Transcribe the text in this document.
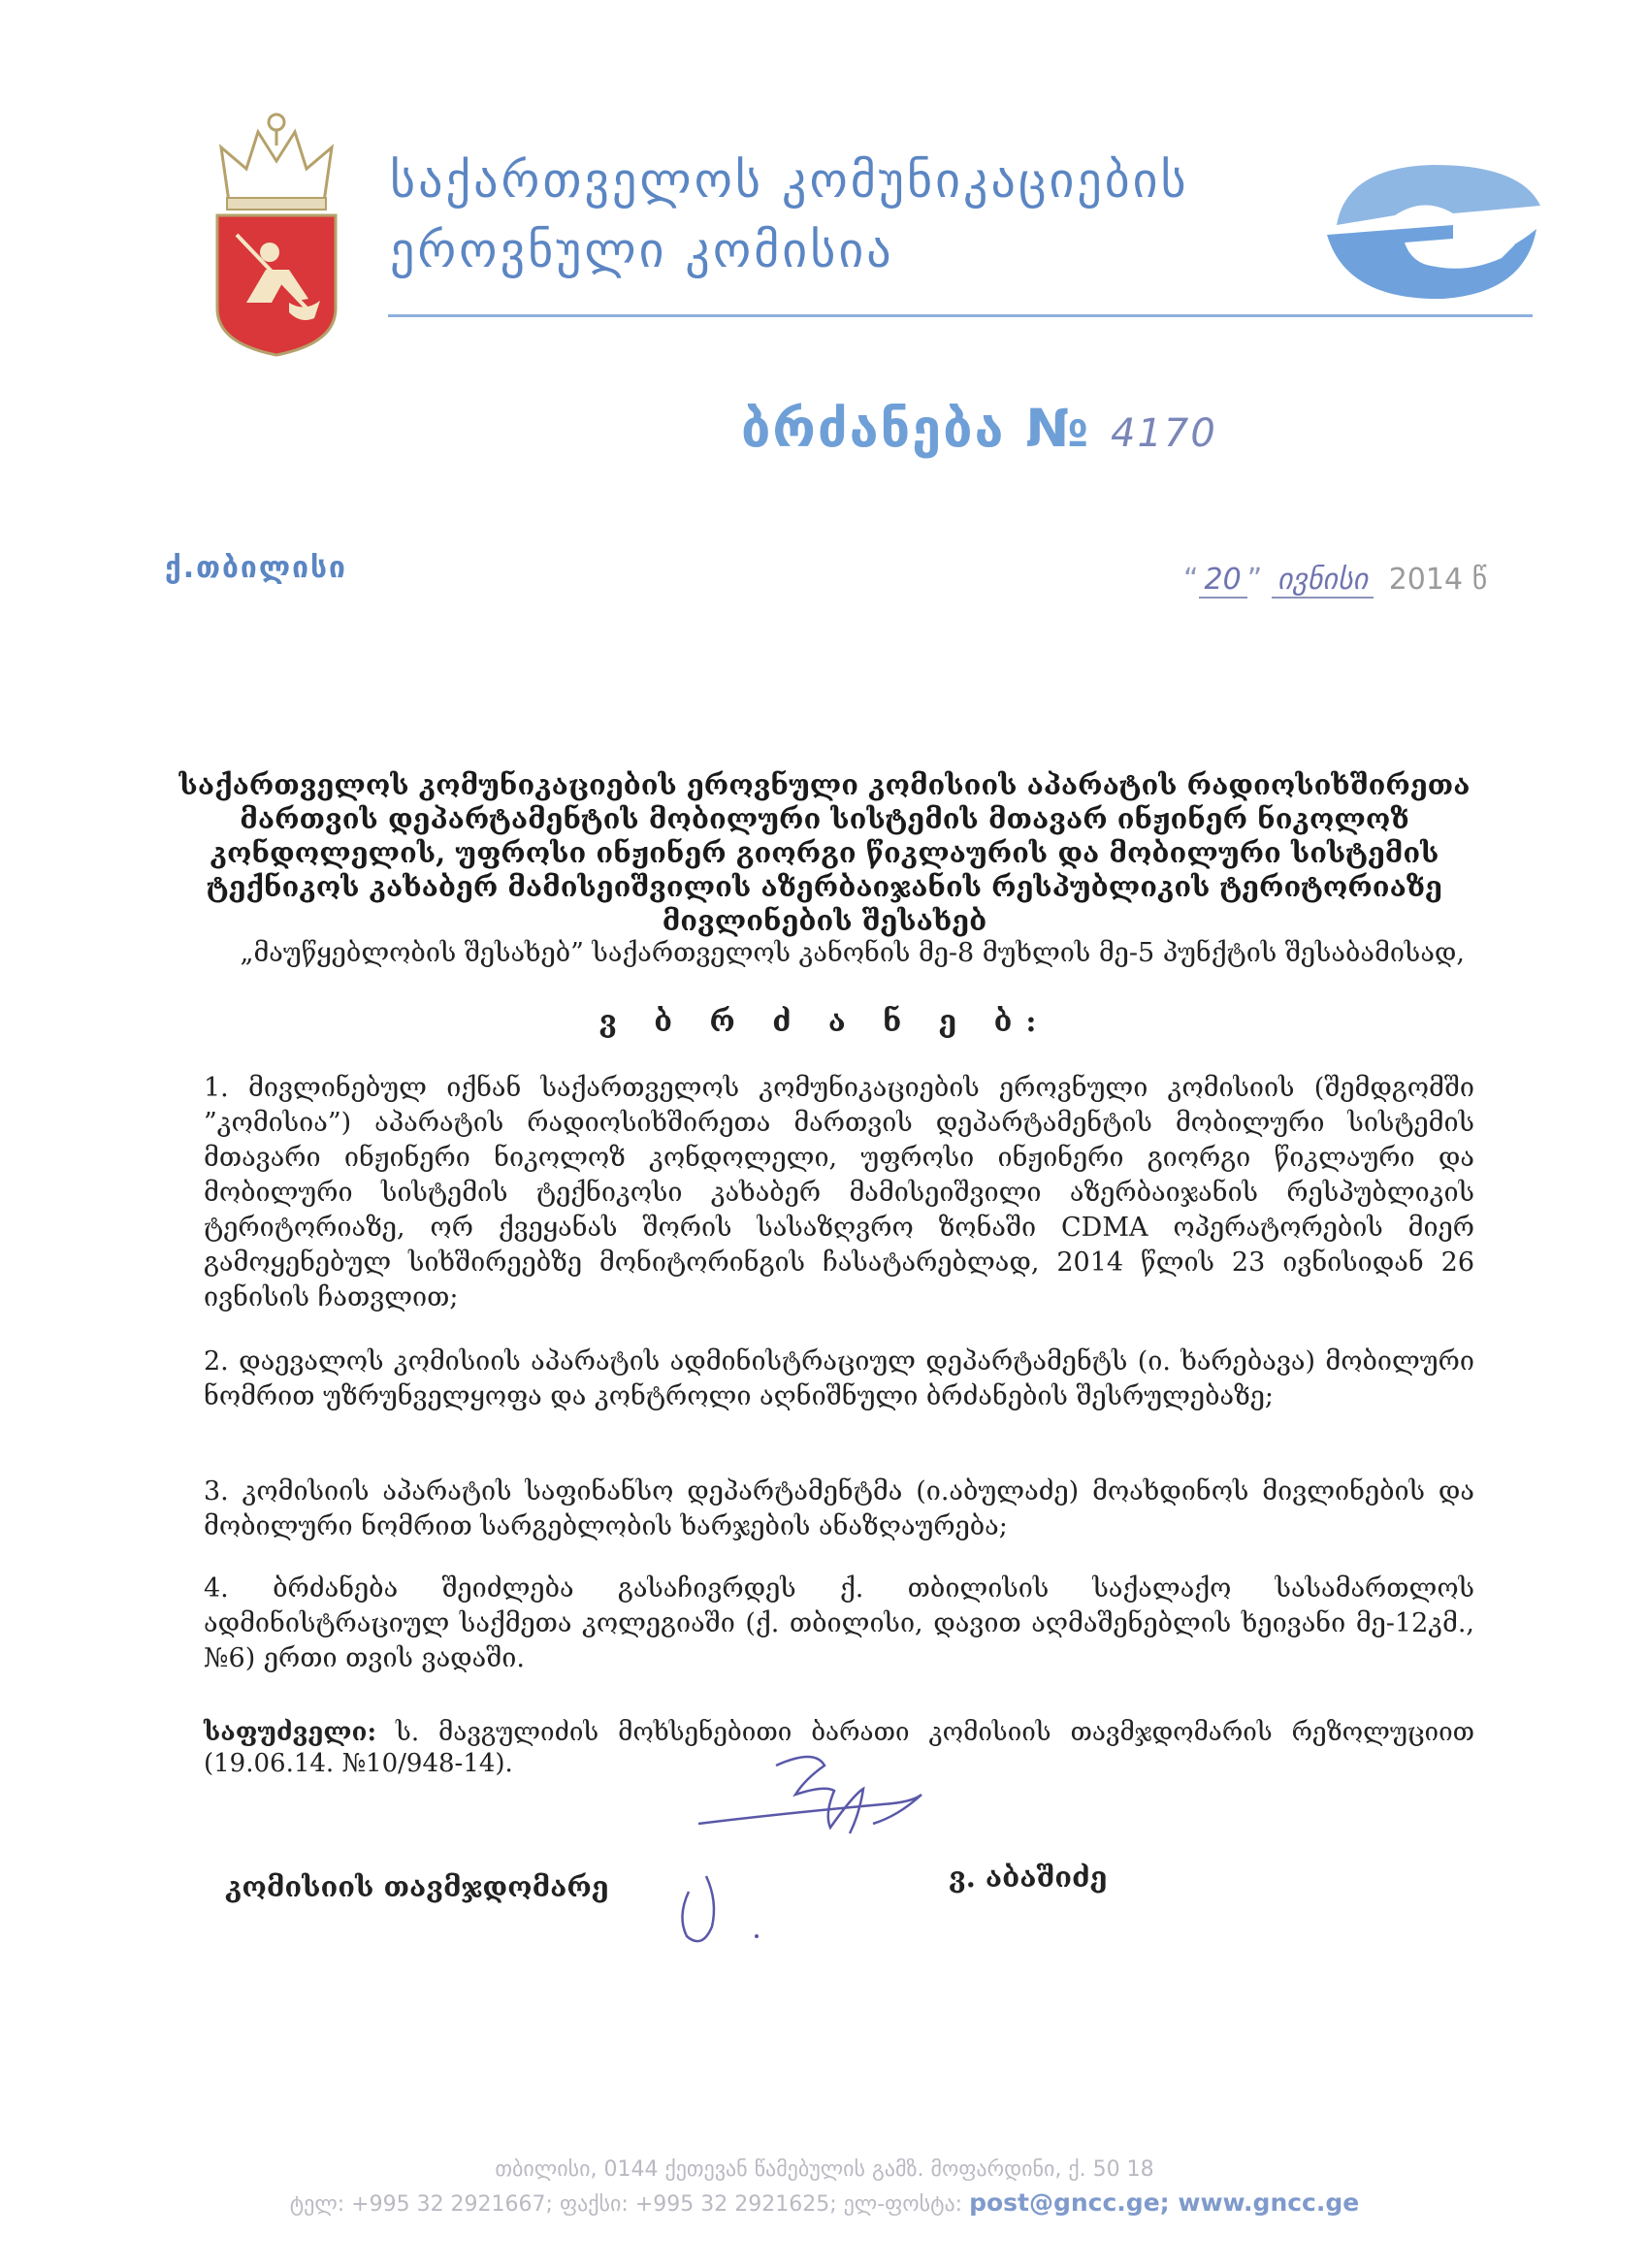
საქართველოს კომუნიკაციების
ეროვნული კომისია
ბრძანება № 4170
ქ.თბილისი	“ 20 ” ივნისი 2014 წ
საქართველოს კომუნიკაციების ეროვნული კომისიის აპარატის რადიოსიხშირეთა მართვის დეპარტამენტის მობილური სისტემის მთავარ ინჟინერ ნიკოლოზ კონდოლელის, უფროსი ინჟინერ გიორგი წიკლაურის და მობილური სისტემის ტექნიკოს კახაბერ მამისეიშვილის აზერბაიჯანის რესპუბლიკის ტერიტორიაზე მივლინების შესახებ
„მაუწყებლობის შესახებ” საქართველოს კანონის მე-8 მუხლის მე-5 პუნქტის შესაბამისად,
ვ ბ რ ძ ა ნ ე ბ:
1. მივლინებულ იქნან საქართველოს კომუნიკაციების ეროვნული კომისიის (შემდგომში ”კომისია”) აპარატის რადიოსიხშირეთა მართვის დეპარტამენტის მობილური სისტემის მთავარი ინჟინერი ნიკოლოზ კონდოლელი, უფროსი ინჟინერი გიორგი წიკლაური და მობილური სისტემის ტექნიკოსი კახაბერ მამისეიშვილი აზერბაიჯანის რესპუბლიკის ტერიტორიაზე, ორ ქვეყანას შორის სასაზღვრო ზონაში CDMA ოპერატორების მიერ გამოყენებულ სიხშირეებზე მონიტორინგის ჩასატარებლად, 2014 წლის 23 ივნისიდან 26 ივნისის ჩათვლით;
2. დაევალოს კომისიის აპარატის ადმინისტრაციულ დეპარტამენტს (ი. ხარებავა) მობილური ნომრით უზრუნველყოფა და კონტროლი აღნიშნული ბრძანების შესრულებაზე;
3. კომისიის აპარატის საფინანსო დეპარტამენტმა (ი.აბულაძე) მოახდინოს მივლინების და მობილური ნომრით სარგებლობის ხარჯების ანაზღაურება;
4. ბრძანება შეიძლება გასაჩივრდეს ქ. თბილისის საქალაქო სასამართლოს ადმინისტრაციულ საქმეთა კოლეგიაში (ქ. თბილისი, დავით აღმაშენებლის ხეივანი მე-12კმ., №6) ერთი თვის ვადაში.
საფუძველი: ს. მავგულიძის მოხსენებითი ბარათი კომისიის თავმჯდომარის რეზოლუციით (19.06.14. №10/948-14).
კომისიის თავმჯდომარე	ვ. აბაშიძე
თბილისი, 0144 ქეთევან წამებულის გამზ. მოფარდინი, ქ. 50 18
ტელ: +995 32 2921667; ფაქსი: +995 32 2921625; ელ-ფოსტა: post@gncc.ge; www.gncc.ge
